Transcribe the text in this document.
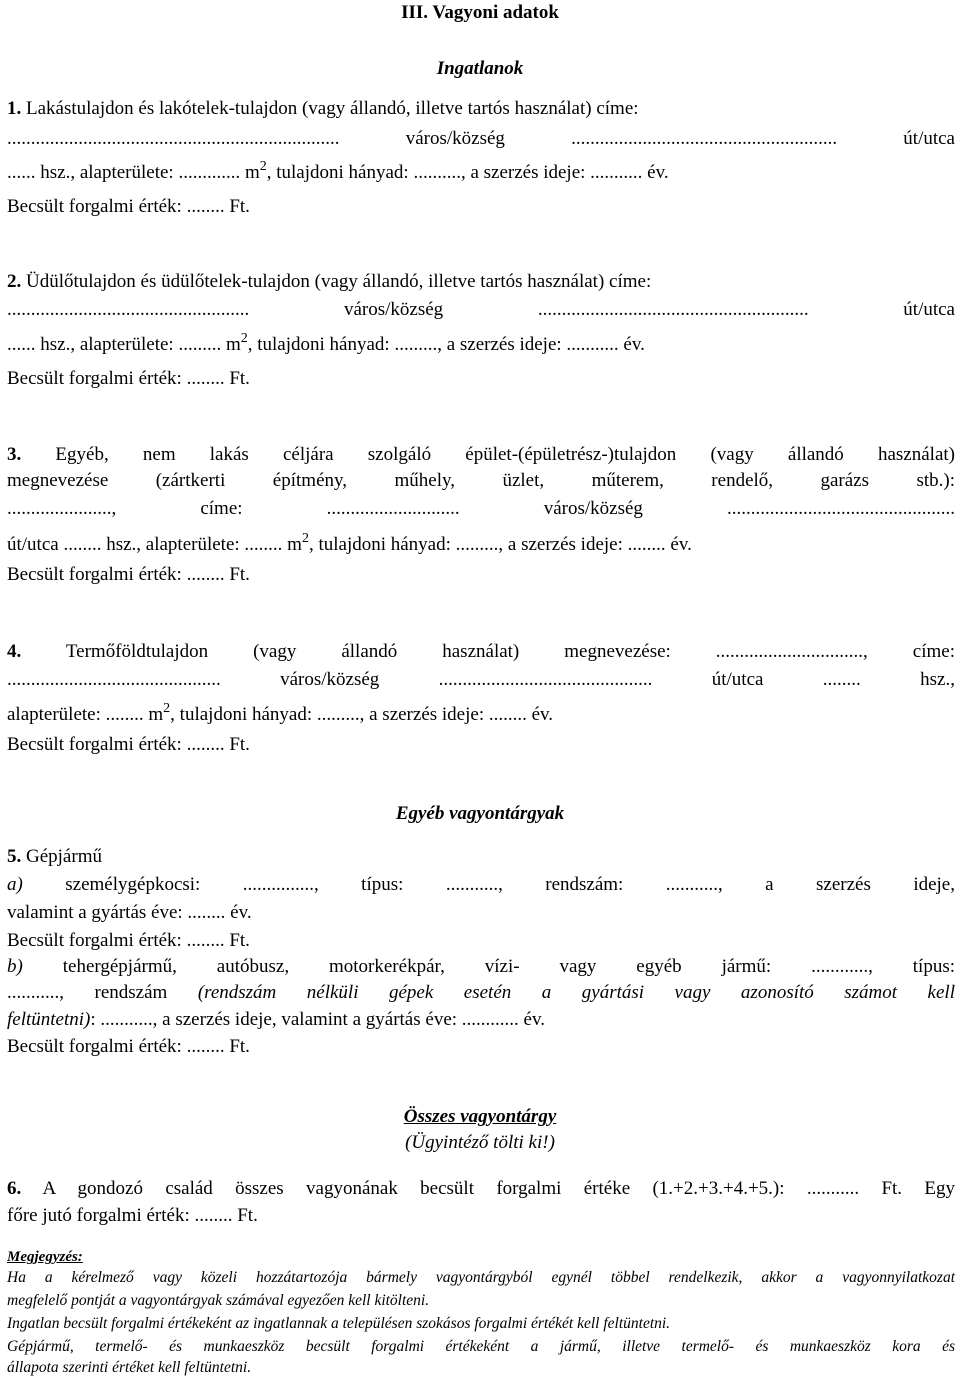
III. Vagyoni adatok
Ingatlanok
1. Lakástulajdon és lakótelek-tulajdon (vagy állandó, illetve tartós használat) címe:
...................................................................... város/község ........................................................ út/utca
...... hsz., alapterülete: ............. $m^2$, tulajdoni hányad: .........., a szerzés ideje: ........... év.
Becsült forgalmi érték: ........ Ft.
2. Üdülőtulajdon és üdülőtelek-tulajdon (vagy állandó, illetve tartós használat) címe:
................................................... város/község ......................................................... út/utca
...... hsz., alapterülete: ......... $m^2$, tulajdoni hányad: ........., a szerzés ideje: ........... év.
Becsült forgalmi érték: ........ Ft.
3. Egyéb, nem lakás céljára szolgáló épület-(épületrész-)tulajdon (vagy állandó használat)
megnevezése (zártkerti építmény, műhely, üzlet, műterem, rendelő, garázs stb.):
......................, címe: ............................ város/község ................................................
út/utca ........ hsz., alapterülete: ........ $m^2$, tulajdoni hányad: ........., a szerzés ideje: ........ év.
Becsült forgalmi érték: ........ Ft.
4. Termőföldtulajdon (vagy állandó használat) megnevezése: ..............................., címe:
............................................. város/község ............................................. út/utca ........ hsz.,
alapterülete: ........ $m^2$, tulajdoni hányad: ........., a szerzés ideje: ........ év.
Becsült forgalmi érték: ........ Ft.
Egyéb vagyontárgyak
5. Gépjármű
a) személygépkocsi: ..............., típus: ..........., rendszám: ..........., a szerzés ideje,
valamint a gyártás éve: ........ év.
Becsült forgalmi érték: ........ Ft.
b) tehergépjármű, autóbusz, motorkerékpár, vízi- vagy egyéb jármű: ............, típus:
..........., rendszám (rendszám nélküli gépek esetén a gyártási vagy azonosító számot kell
feltüntetni): ..........., a szerzés ideje, valamint a gyártás éve: ............ év.
Becsült forgalmi érték: ........ Ft.
Összes vagyontárgy
(Ügyintéző tölti ki!)
6. A gondozó család összes vagyonának becsült forgalmi értéke (1.+2.+3.+4.+5.): ........... Ft. Egy
főre jutó forgalmi érték: ........ Ft.
Megjegyzés:
Ha a kérelmező vagy közeli hozzátartozója bármely vagyontárgyból egynél többel rendelkezik, akkor a vagyonnyilatkozat
megfelelő pontját a vagyontárgyak számával egyezően kell kitölteni.
Ingatlan becsült forgalmi értékeként az ingatlannak a településen szokásos forgalmi értékét kell feltüntetni.
Gépjármű, termelő- és munkaeszköz becsült forgalmi értékeként a jármű, illetve termelő- és munkaeszköz kora és
állapota szerinti értéket kell feltüntetni.
